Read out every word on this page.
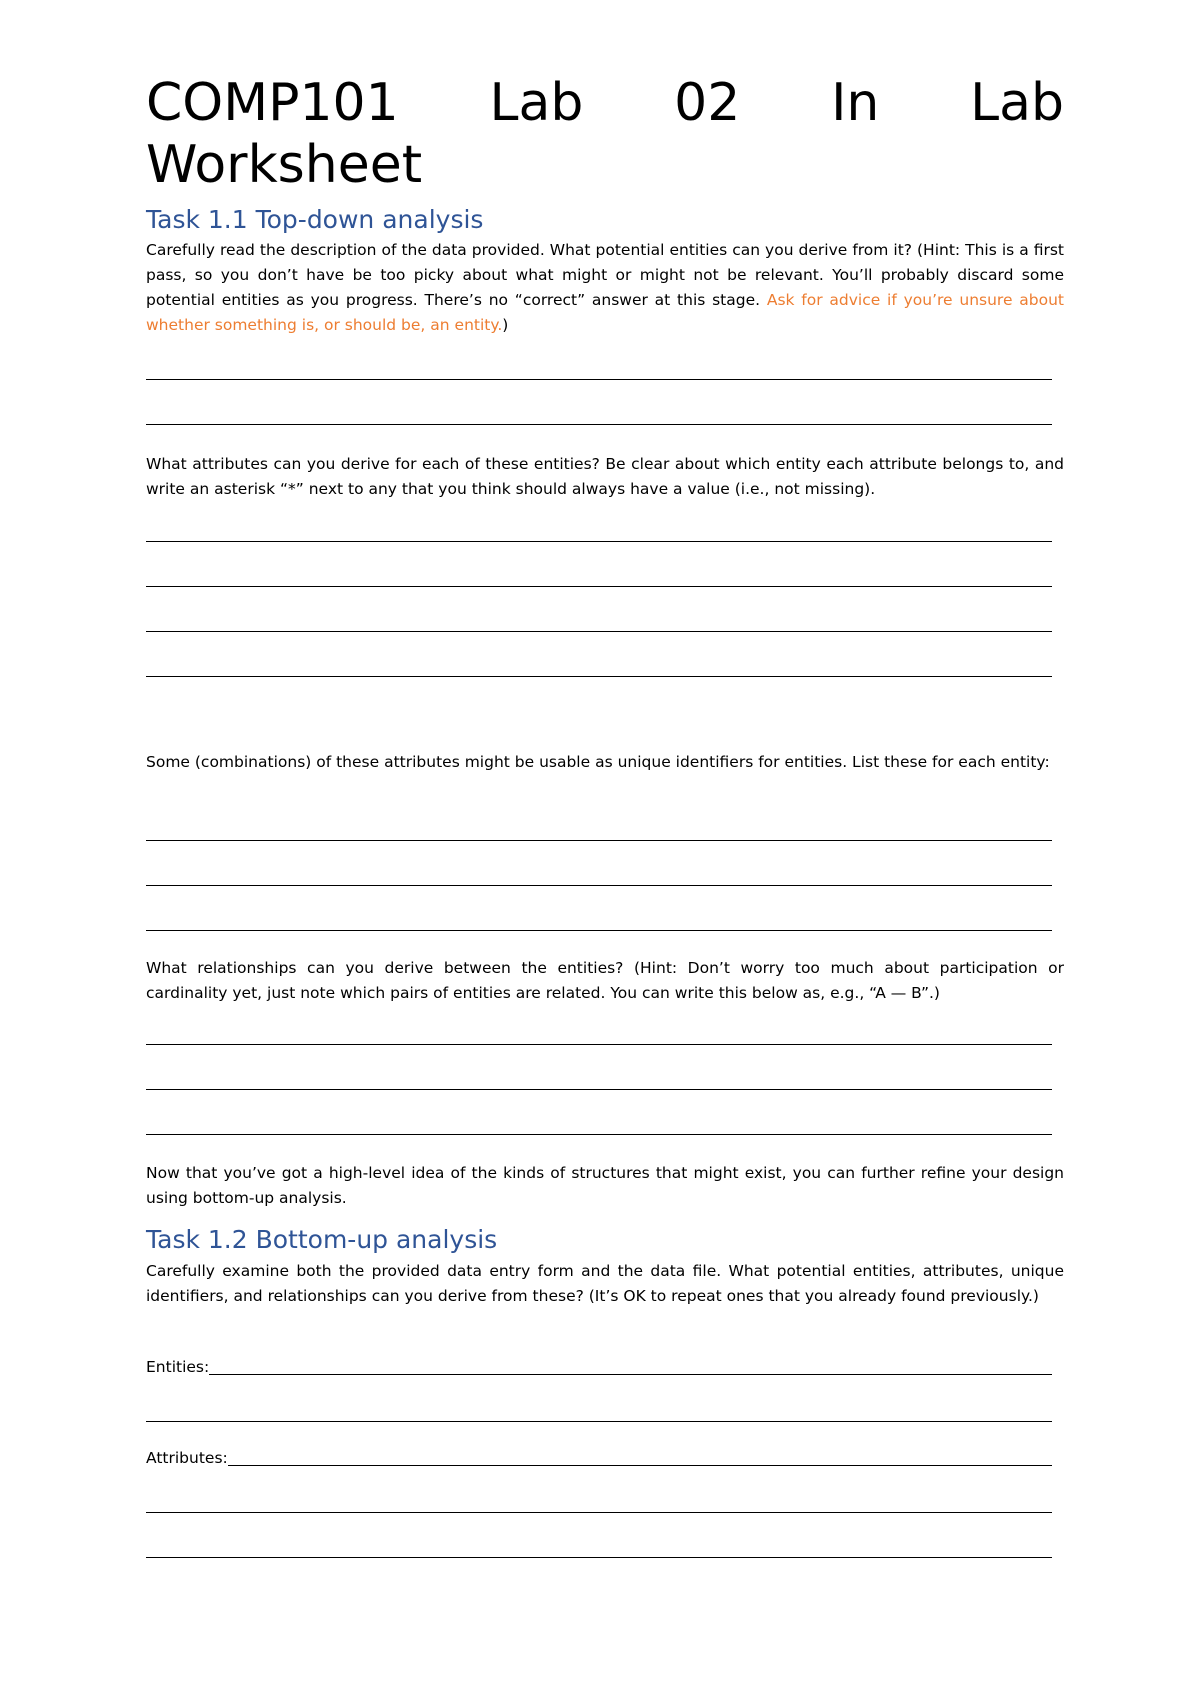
COMP101 Lab 02 In Lab
Worksheet
Task 1.1 Top-down analysis

Carefully read the description of the data provided. What potential entities can you derive from it? (Hint: This is a first pass, so you don’t have be too picky about what might or might not be relevant. You’ll probably discard some potential entities as you progress. There’s no “correct” answer at this stage. Ask for advice if you’re unsure about whether something is, or should be, an entity.)

What attributes can you derive for each of these entities? Be clear about which entity each attribute belongs to, and write an asterisk “*” next to any that you think should always have a value (i.e., not missing).

Some (combinations) of these attributes might be usable as unique identifiers for entities. List these for each entity:

What relationships can you derive between the entities? (Hint: Don’t worry too much about participation or cardinality yet, just note which pairs of entities are related. You can write this below as, e.g., “A — B”.)

Now that you’ve got a high-level idea of the kinds of structures that might exist, you can further refine your design using bottom-up analysis.

Task 1.2 Bottom-up analysis

Carefully examine both the provided data entry form and the data file. What potential entities, attributes, unique identifiers, and relationships can you derive from these? (It’s OK to repeat ones that you already found previously.)

Entities:
Attributes:
